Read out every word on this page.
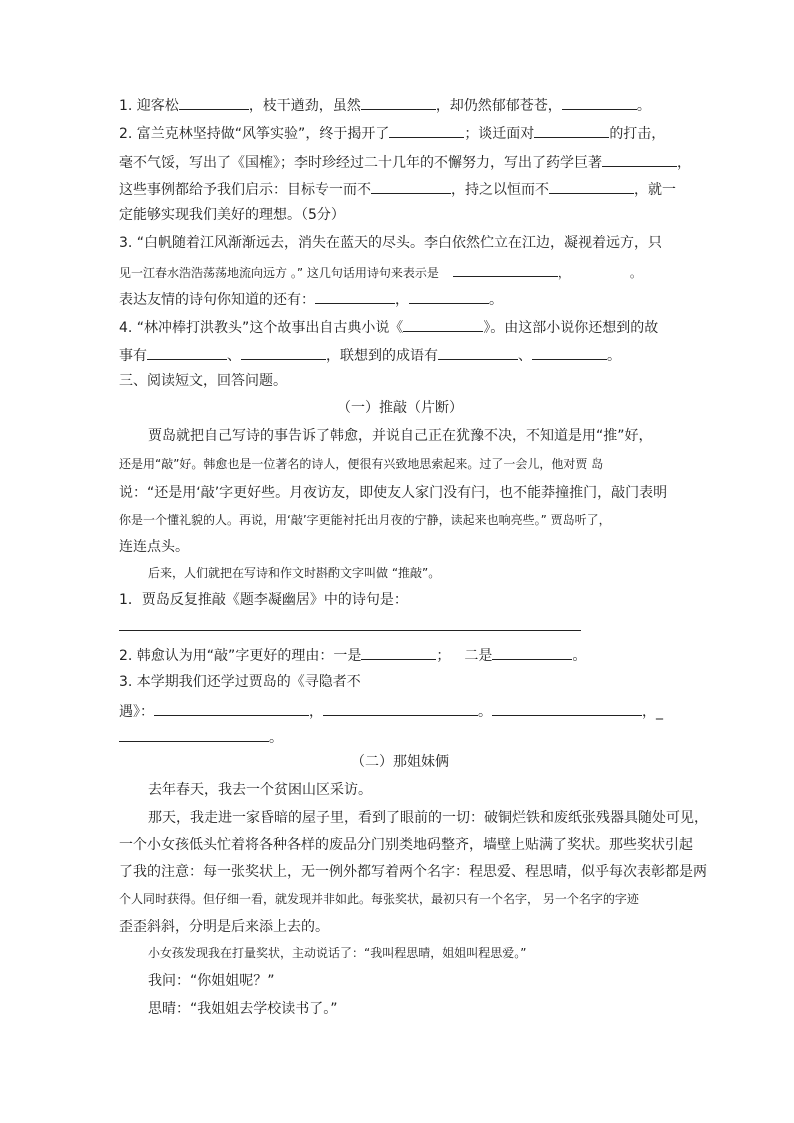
1. 迎客松	，枝干遒劲，虽然	，却仍然郁郁苍苍，	。
2. 富兰克林坚持做“风筝实验”，终于揭开了	；谈迁面对	的打击，
毫不气馁，写出了《国榷》；李时珍经过二十几年的不懈努力，写出了药学巨著	，
这些事例都给予我们启示：目标专一而不	，持之以恒而不	，就一
定能够实现我们美好的理想。（5分）
3. “白帆随着江风渐渐远去，消失在蓝天的尽头。李白依然伫立在江边，凝视着远方，只
见一江春水浩浩荡荡地流向远方 。” 这几句话用诗句来表示是	，	。
表达友情的诗句你知道的还有：	，	。
4. “林冲棒打洪教头”这个故事出自古典小说《	》。由这部小说你还想到的故
事有	、	，联想到的成语有	、	。
三、阅读短文，回答问题。
（一）推敲（片断）
贾岛就把自己写诗的事告诉了韩愈，并说自己正在犹豫不决，不知道是用“推”好，
还是用“敲”好。韩愈也是一位著名的诗人，便很有兴致地思索起来。过了一会儿，他对贾 岛
说：“还是用‘敲’字更好些。月夜访友，即使友人家门没有闩，也不能莽撞推门，敲门表明
你是一个懂礼貌的人。再说，用‘敲’字更能衬托出月夜的宁静，读起来也响亮些。” 贾岛听了，
连连点头。
后来，人们就把在写诗和作文时斟酌文字叫做 “推敲”。
1．贾岛反复推敲《题李凝幽居》中的诗句是：
2. 韩愈认为用“敲”字更好的理由：一是	； 二是	。
3. 本学期我们还学过贾岛的《寻隐者不
遇》：	，	。	，_
。
（二）那姐妹俩
去年春天，我去一个贫困山区采访。
那天，我走进一家昏暗的屋子里，看到了眼前的一切：破铜烂铁和废纸张残器具随处可见，
一个小女孩低头忙着将各种各样的废品分门别类地码整齐，墙壁上贴满了奖状。那些奖状引起
了我的注意：每一张奖状上，无一例外都写着两个名字：程思爱、程思晴，似乎每次表彰都是两
个人同时获得。但仔细一看，就发现并非如此。每张奖状，最初只有一个名字， 另一个名字的字迹
歪歪斜斜，分明是后来添上去的。
小女孩发现我在打量奖状，主动说话了：“我叫程思晴，姐姐叫程思爱。”
我问：“你姐姐呢？”
思晴：“我姐姐去学校读书了。”
